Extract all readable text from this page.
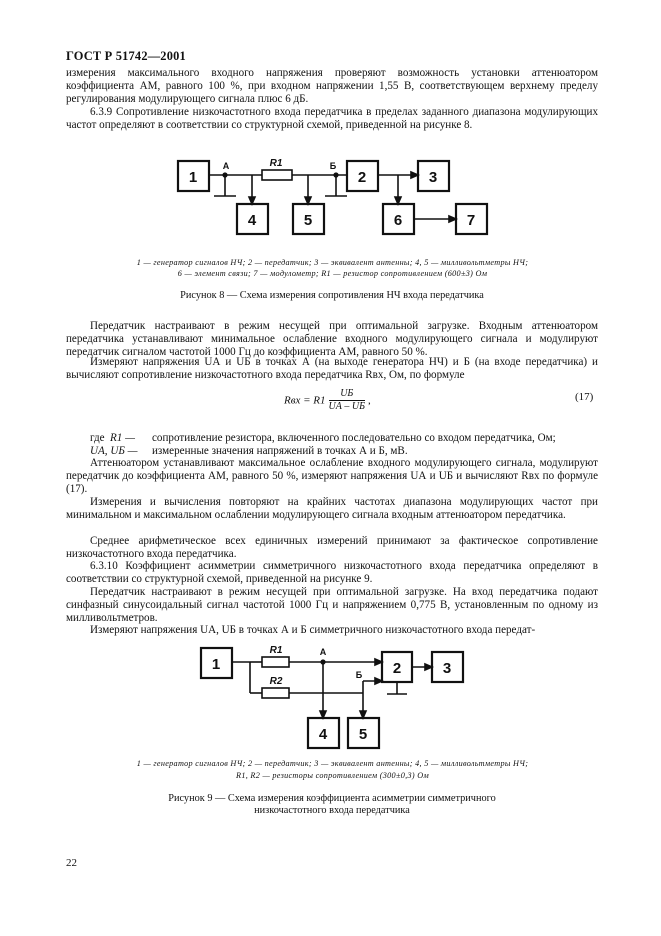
ГОСТ Р 51742—2001

измерения максимального входного напряжения проверяют возможность установки аттенюатором коэффициента АМ, равного 100 %, при входном напряжении 1,55 В, соответствующем верхнему пределу регулирования модулирующего сигнала плюс 6 дБ.

6.3.9 Сопротивление низкочастотного входа передатчика в пределах заданного диапазона модулирующих частот определяют в соответствии со структурной схемой, приведенной на рисунке 8.

1	2	3
4	5	6	7
R1
А	Б
1 — генератор сигналов НЧ; 2 — передатчик; 3 — эквивалент антенны; 4, 5 — милливольтметры НЧ;
6 — элемент связи; 7 — модулометр; R1 — резистор сопротивлением (600±3) Ом
Рисунок 8 — Схема измерения сопротивления НЧ входа передатчика

Передатчик настраивают в режим несущей при оптимальной загрузке. Входным аттенюатором передатчика устанавливают минимальное ослабление входного модулирующего сигнала и модулируют передатчик сигналом частотой 1000 Гц до коэффициента АМ, равного 50 %.

Измеряют напряжения UА и UБ в точках А (на выходе генератора НЧ) и Б (на входе передатчика) и вычисляют сопротивление низкочастотного входа передатчика Rвх, Ом, по формуле

Rвх = $R1 \frac{UБ}{UА - UБ}$ ,	(17)
где R1 — сопротивление резистора, включенного последовательно со входом передатчика, Ом;
UА, UБ — измеренные значения напряжений в точках А и Б, мВ.

Аттенюатором устанавливают максимальное ослабление входного модулирующего сигнала, модулируют передатчик до коэффициента АМ, равного 50 %, измеряют напряжения UА и UБ и вычисляют Rвх по формуле (17).

Измерения и вычисления повторяют на крайних частотах диапазона модулирующих частот при минимальном и максимальном ослаблении модулирующего сигнала входным аттенюатором передатчика.

Среднее арифметическое всех единичных измерений принимают за фактическое сопротивление низкочастотного входа передатчика.

6.3.10 Коэффициент асимметрии симметричного низкочастотного входа передатчика определяют в соответствии со структурной схемой, приведенной на рисунке 9.

Передатчик настраивают в режим несущей при оптимальной загрузке. На вход передатчика подают синфазный синусоидальный сигнал частотой 1000 Гц и напряжением 0,775 В, установленным по одному из милливольтметров.

Измеряют напряжения UА, UБ в точках А и Б симметричного низкочастотного входа передат-

1	2	3
4 5
R1
R2
А
Б
1 — генератор сигналов НЧ; 2 — передатчик; 3 — эквивалент антенны; 4, 5 — милливольтметры НЧ;
R1, R2 — резисторы сопротивлением (300±0,3) Ом
Рисунок 9 — Схема измерения коэффициента асимметрии симметричного
низкочастотного входа передатчика
22
